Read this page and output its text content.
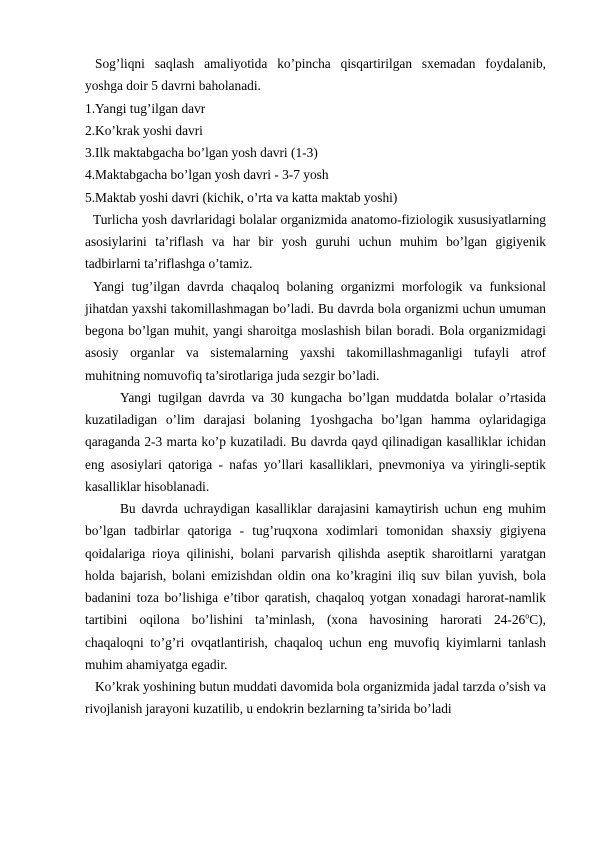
Sog’liqni saqlash amaliyotida ko’pincha qisqartirilgan sxemadan foydalanib, yoshga doir 5 davrni baholanadi.

1.Yangi tug’ilgan davr

2.Ko’krak yoshi davri

3.Ilk maktabgacha bo’lgan yosh davri (1-3)

4.Maktabgacha bo’lgan yosh davri - 3-7 yosh

5.Maktab yoshi davri (kichik, o’rta va katta maktab yoshi)

Turlicha yosh davrlaridagi bolalar organizmida anatomo-fiziologik xususiyatlarning asosiylarini ta’riflash va har bir yosh guruhi uchun muhim bo’lgan gigiyenik tadbirlarni ta’riflashga o’tamiz.

Yangi tug’ilgan davrda chaqaloq bolaning organizmi morfologik va funksional jihatdan yaxshi takomillashmagan bo’ladi. Bu davrda bola organizmi uchun umuman begona bo’lgan muhit, yangi sharoitga moslashish bilan boradi. Bola organizmidagi asosiy organlar va sistemalarning yaxshi takomillashmaganligi tufayli atrof muhitning nomuvofiq ta’sirotlariga juda sezgir bo’ladi.

Yangi tugilgan davrda va 30 kungacha bo’lgan muddatda bolalar o’rtasida kuzatiladigan o’lim darajasi bolaning 1yoshgacha bo’lgan hamma oylaridagiga qaraganda 2-3 marta ko’p kuzatiladi. Bu davrda qayd qilinadigan kasalliklar ichidan eng asosiylari qatoriga - nafas yo’llari kasalliklari, pnevmoniya va yiringli-septik kasalliklar hisoblanadi.

Bu davrda uchraydigan kasalliklar darajasini kamaytirish uchun eng muhim bo’lgan tadbirlar qatoriga - tug’ruqxona xodimlari tomonidan shaxsiy gigiyena qoidalariga rioya qilinishi, bolani parvarish qilishda aseptik sharoitlarni yaratgan holda bajarish, bolani emizishdan oldin ona ko’kragini iliq suv bilan yuvish, bola badanini toza bo’lishiga e’tibor qaratish, chaqaloq yotgan xonadagi harorat-namlik tartibini oqilona bo’lishini ta’minlash, (xona havosining harorati 24-26$^o$C), chaqaloqni to’g’ri ovqatlantirish, chaqaloq uchun eng muvofiq kiyimlarni tanlash muhim ahamiyatga egadir.

Ko’krak yoshining butun muddati davomida bola organizmida jadal tarzda o’sish va rivojlanish jarayoni kuzatilib, u endokrin bezlarning ta’sirida bo’ladi
